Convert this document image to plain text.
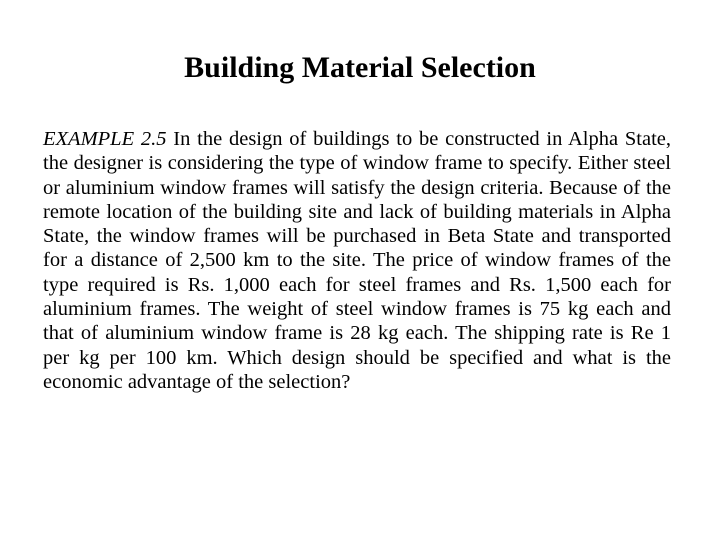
Building Material Selection

EXAMPLE 2.5 In the design of buildings to be constructed in Alpha State, the designer is considering the type of window frame to specify. Either steel or aluminium window frames will satisfy the design criteria. Because of the remote location of the building site and lack of building materials in Alpha State, the window frames will be purchased in Beta State and transported for a distance of 2,500 km to the site. The price of window frames of the type required is Rs. 1,000 each for steel frames and Rs. 1,500 each for aluminium frames. The weight of steel window frames is 75 kg each and that of aluminium window frame is 28 kg each. The shipping rate is Re 1 per kg per 100 km. Which design should be specified and what is the economic advantage of the selection?
